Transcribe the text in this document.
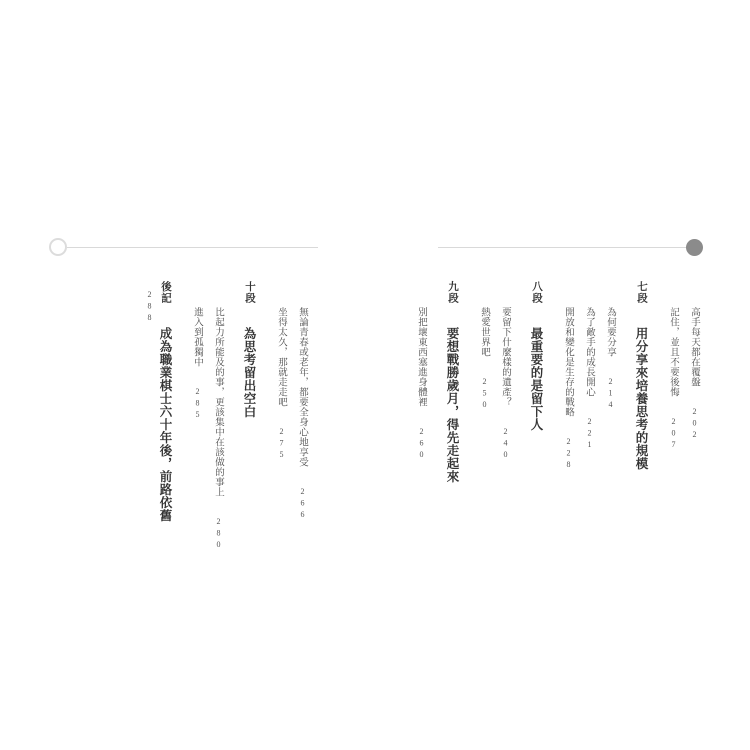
高手每天都在覆盤 202
記住，並且不要後悔 207
七段 用分享來培養思考的規模
為何要分享 214
為了敵手的成長開心 221
開放和變化是生存的戰略 228
八段 最重要的是留下人
要留下什麼樣的遺產？ 240
熱愛世界吧 250
九段 要想戰勝歲月，得先走起來
別把壞東西塞進身體裡 260
無論青春或老年，都要全身心地享受 266
坐得太久，那就走走吧 275
十段 為思考留出空白
比起力所能及的事，更該集中在該做的事上 280
進入到孤獨中 285
後記 成為職業棋士六十年後，前路依舊 288
